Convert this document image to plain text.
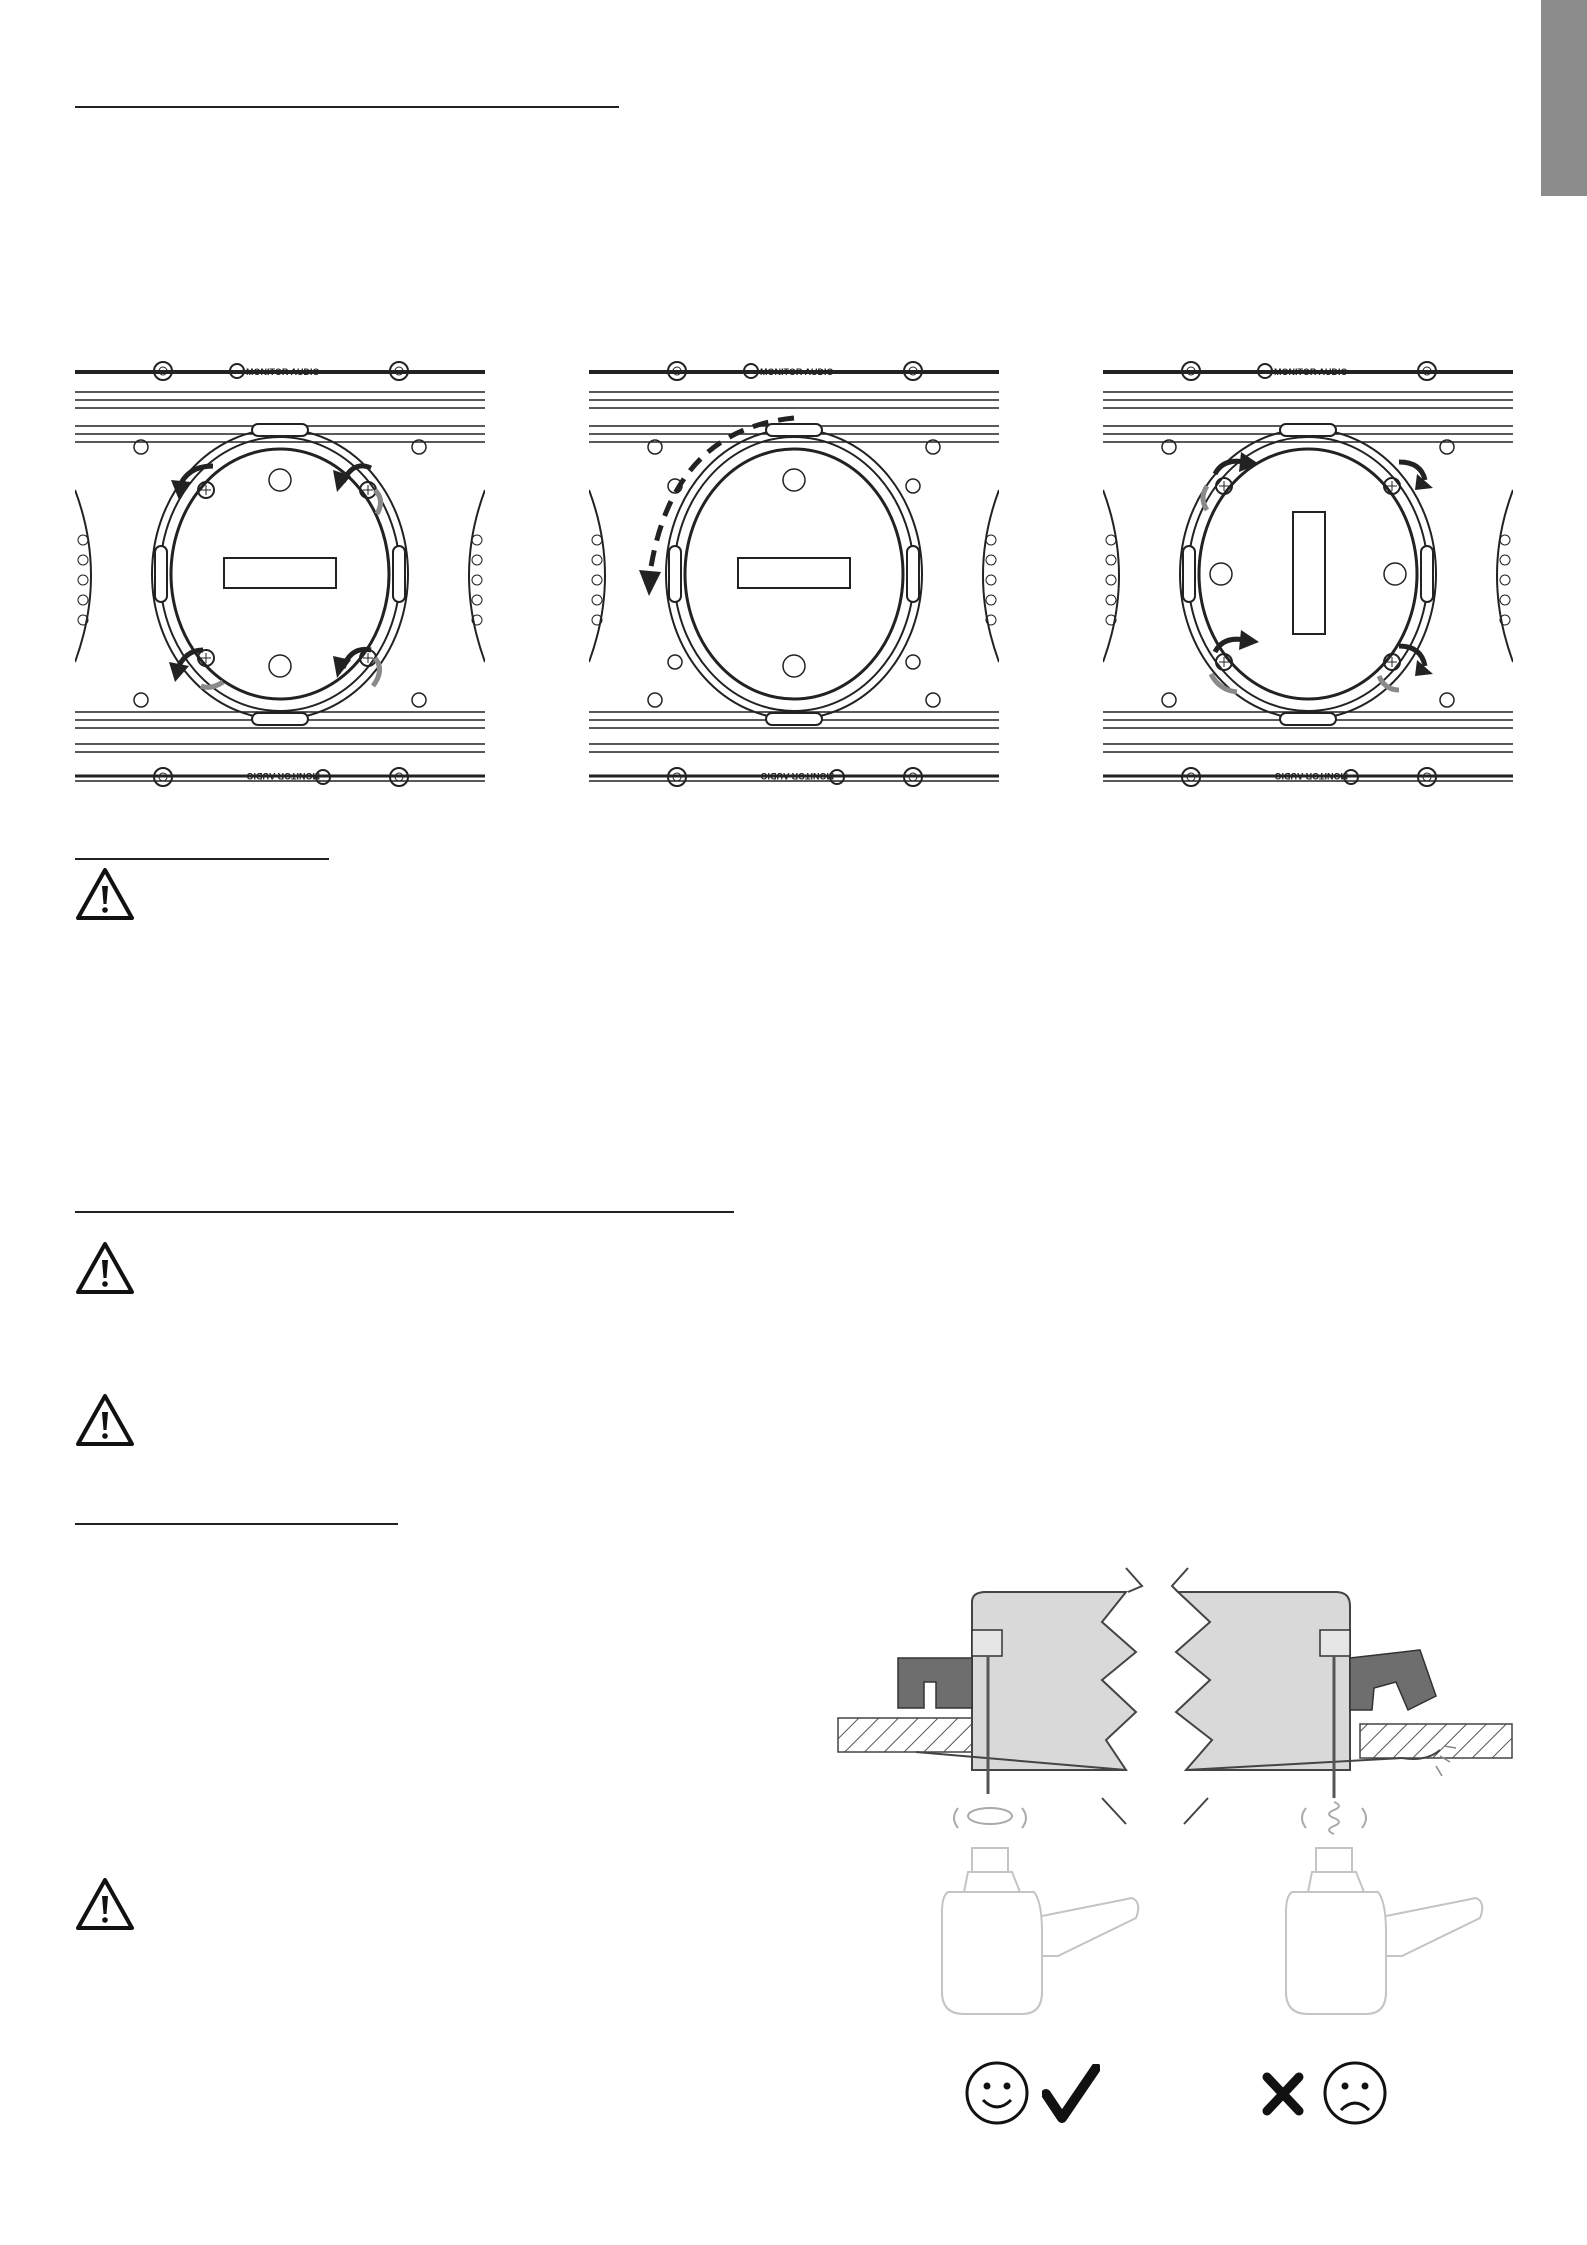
MONITOR AUDIO
MONITOR AUDIO
MONITOR AUDIO
MONITOR AUDIO
MONITOR AUDIO
MONITOR AUDIO
